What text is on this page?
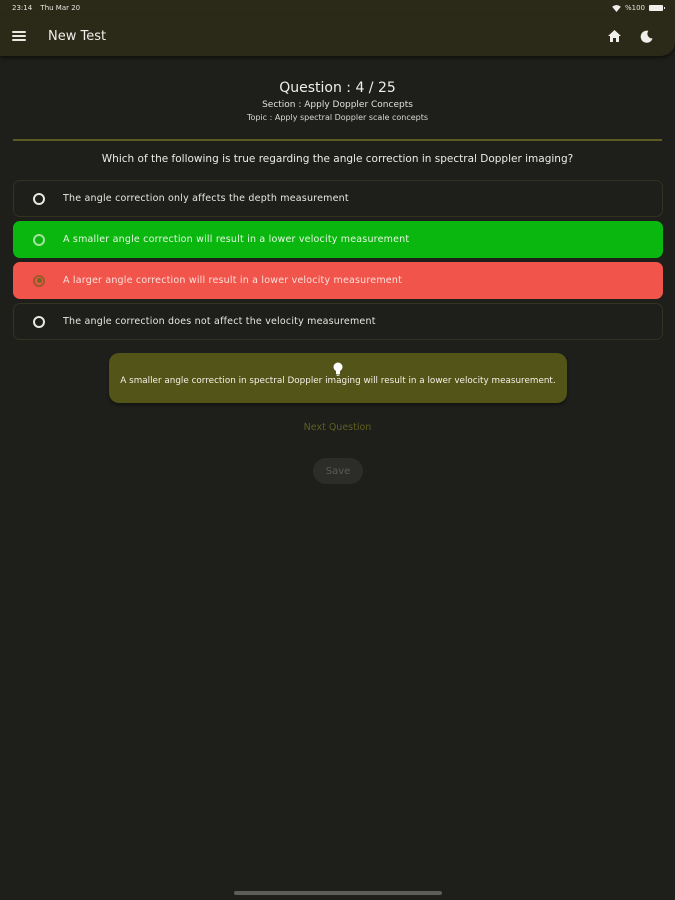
23:14 Thu Mar 20	%100
New Test
Question : 4 / 25
Section : Apply Doppler Concepts
Topic : Apply spectral Doppler scale concepts
Which of the following is true regarding the angle correction in spectral Doppler imaging?
The angle correction only affects the depth measurement
A smaller angle correction will result in a lower velocity measurement
A larger angle correction will result in a lower velocity measurement
The angle correction does not affect the velocity measurement
A smaller angle correction in spectral Doppler imaging will result in a lower velocity measurement.
Next Question
Save
